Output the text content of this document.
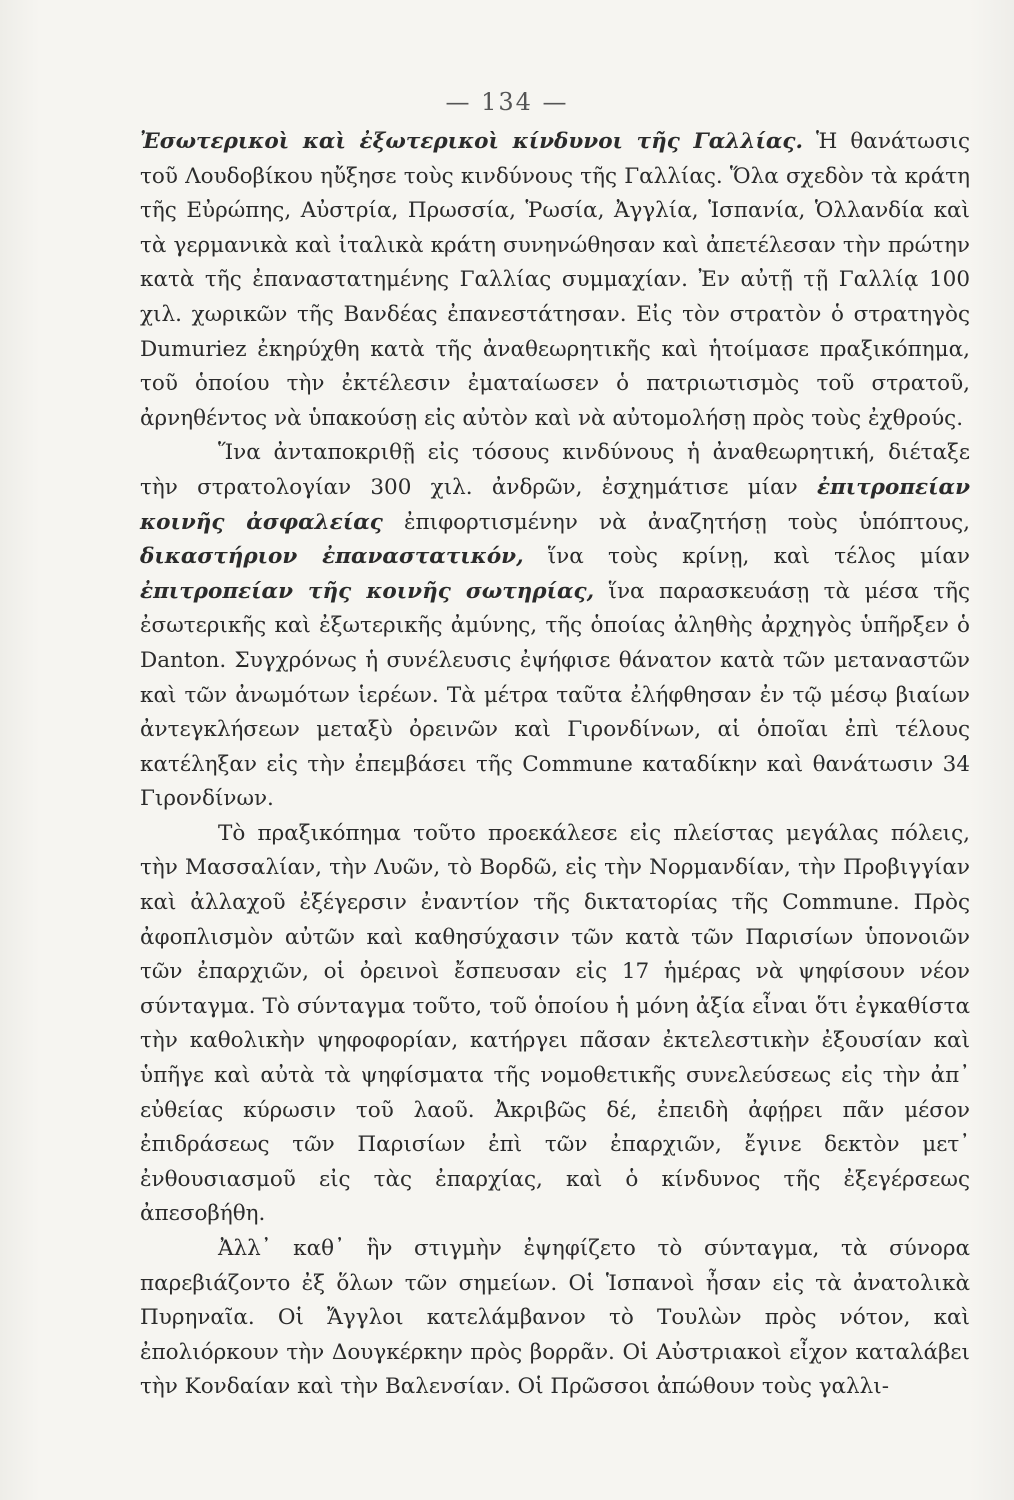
— 134 —

Ἐσωτερικοὶ καὶ ἐξωτερικοὶ κίνδυνοι τῆς Γαλλίας. Ἡ θανάτωσις τοῦ Λουδοβίκου ηὔξησε τοὺς κινδύνους τῆς Γαλλίας. Ὅλα σχεδὸν τὰ κράτη τῆς Εὐρώπης, Αὐστρία, Πρωσσία, Ῥωσία, Ἀγγλία, Ἱσπανία, Ὁλλανδία καὶ τὰ γερμανικὰ καὶ ἰταλικὰ κράτη συνηνώθησαν καὶ ἀπετέλεσαν τὴν πρώτην κατὰ τῆς ἐπαναστατημένης Γαλλίας συμμαχίαν. Ἐν αὐτῇ τῇ Γαλλίᾳ 100 χιλ. χωρικῶν τῆς Βανδέας ἐπανεστάτησαν. Εἰς τὸν στρατὸν ὁ στρατηγὸς Dumuriez ἐκηρύχθη κατὰ τῆς ἀναθεωρητικῆς καὶ ἡτοίμασε πραξικόπημα, τοῦ ὁποίου τὴν ἐκτέλεσιν ἐματαίωσεν ὁ πατριωτισμὸς τοῦ στρατοῦ, ἀρνηθέντος νὰ ὑπακούσῃ εἰς αὐτὸν καὶ νὰ αὐτομολήσῃ πρὸς τοὺς ἐχθρούς.

Ἵνα ἀνταποκριθῇ εἰς τόσους κινδύνους ἡ ἀναθεωρητική, διέταξε τὴν στρατολογίαν 300 χιλ. ἀνδρῶν, ἐσχημάτισε μίαν ἐπιτροπείαν κοινῆς ἀσφαλείας ἐπιφορτισμένην νὰ ἀναζητήσῃ τοὺς ὑπόπτους, δικαστήριον ἐπαναστατικόν, ἵνα τοὺς κρίνῃ, καὶ τέλος μίαν ἐπιτροπείαν τῆς κοινῆς σωτηρίας, ἵνα παρασκευάσῃ τὰ μέσα τῆς ἐσωτερικῆς καὶ ἐξωτερικῆς ἀμύνης, τῆς ὁποίας ἀληθὴς ἀρχηγὸς ὑπῆρξεν ὁ Danton. Συγχρόνως ἡ συνέλευσις ἐψήφισε θάνατον κατὰ τῶν μεταναστῶν καὶ τῶν ἀνωμότων ἱερέων. Τὰ μέτρα ταῦτα ἐλήφθησαν ἐν τῷ μέσῳ βιαίων ἀντεγκλήσεων μεταξὺ ὀρεινῶν καὶ Γιρονδίνων, αἱ ὁποῖαι ἐπὶ τέλους κατέληξαν εἰς τὴν ἐπεμβάσει τῆς Commune καταδίκην καὶ θανάτωσιν 34 Γιρονδίνων.

Τὸ πραξικόπημα τοῦτο προεκάλεσε εἰς πλείστας μεγάλας πόλεις, τὴν Μασσαλίαν, τὴν Λυῶν, τὸ Βορδῶ, εἰς τὴν Νορμανδίαν, τὴν Προβιγγίαν καὶ ἀλλαχοῦ ἐξέγερσιν ἐναντίον τῆς δικτατορίας τῆς Commune. Πρὸς ἀφοπλισμὸν αὐτῶν καὶ καθησύχασιν τῶν κατὰ τῶν Παρισίων ὑπονοιῶν τῶν ἐπαρχιῶν, οἱ ὀρεινοὶ ἔσπευσαν εἰς 17 ἡμέρας νὰ ψηφίσουν νέον σύνταγμα. Τὸ σύνταγμα τοῦτο, τοῦ ὁποίου ἡ μόνη ἀξία εἶναι ὅτι ἐγκαθίστα τὴν καθολικὴν ψηφοφορίαν, κατήργει πᾶσαν ἐκτελεστικὴν ἐξουσίαν καὶ ὑπῆγε καὶ αὐτὰ τὰ ψηφίσματα τῆς νομοθετικῆς συνελεύσεως εἰς τὴν ἀπ᾿ εὐθείας κύρωσιν τοῦ λαοῦ. Ἀκριβῶς δέ, ἐπειδὴ ἀφῄρει πᾶν μέσον ἐπιδράσεως τῶν Παρισίων ἐπὶ τῶν ἐπαρχιῶν, ἔγινε δεκτὸν μετ᾿ ἐνθουσιασμοῦ εἰς τὰς ἐπαρχίας, καὶ ὁ κίνδυνος τῆς ἐξεγέρσεως ἀπεσοβήθη.

Ἀλλ᾿ καθ᾿ ἣν στιγμὴν ἐψηφίζετο τὸ σύνταγμα, τὰ σύνορα παρεβιάζοντο ἐξ ὅλων τῶν σημείων. Οἱ Ἱσπανοὶ ἦσαν εἰς τὰ ἀνατολικὰ Πυρηναῖα. Οἱ Ἄγγλοι κατελάμβανον τὸ Τουλὼν πρὸς νότον, καὶ ἐπολιόρκουν τὴν Δουγκέρκην πρὸς βορρᾶν. Οἱ Αὐστριακοὶ εἶχον καταλάβει τὴν Κονδαίαν καὶ τὴν Βαλενσίαν. Οἱ Πρῶσσοι ἀπώθουν τοὺς γαλλι-
